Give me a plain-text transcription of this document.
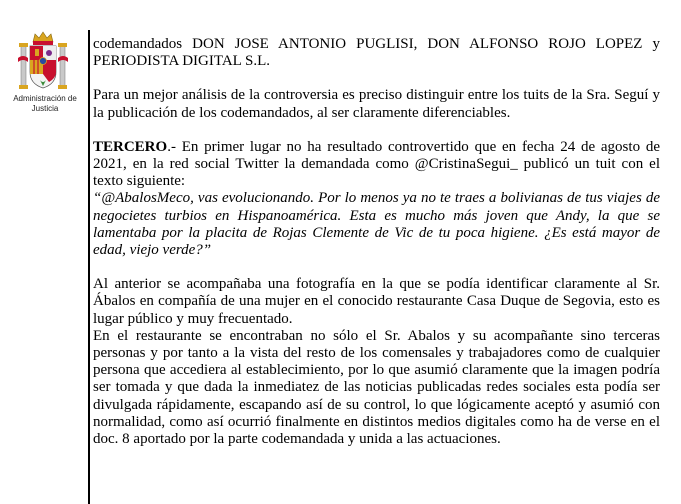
Administración de Justicia

codemandados DON JOSE ANTONIO PUGLISI, DON ALFONSO ROJO LOPEZ y PERIODISTA DIGITAL S.L.

Para un mejor análisis de la controversia es preciso distinguir entre los tuits de la Sra. Seguí y la publicación de los codemandados, al ser claramente diferenciables.

TERCERO.- En primer lugar no ha resultado controvertido que en fecha 24 de agosto de 2021, en la red social Twitter la demandada como @CristinaSegui_ publicó un tuit con el texto siguiente:

“@AbalosMeco, vas evolucionando. Por lo menos ya no te traes a bolivianas de tus viajes de negocietes turbios en Hispanoamérica. Esta es mucho más joven que Andy, la que se lamentaba por la placita de Rojas Clemente de Vic de tu poca higiene. ¿Es está mayor de edad, viejo verde?”

Al anterior se acompañaba una fotografía en la que se podía identificar claramente al Sr. Ábalos en compañía de una mujer en el conocido restaurante Casa Duque de Segovia, esto es lugar público y muy frecuentado.

En el restaurante se encontraban no sólo el Sr. Abalos y su acompañante sino terceras personas y por tanto a la vista del resto de los comensales y trabajadores como de cualquier persona que accediera al establecimiento, por lo que asumió claramente que la imagen podría ser tomada y que dada la inmediatez de las noticias publicadas redes sociales esta podía ser divulgada rápidamente, escapando así de su control, lo que lógicamente aceptó y asumió con normalidad, como así ocurrió finalmente en distintos medios digitales como ha de verse en el doc. 8 aportado por la parte codemandada y unida a las actuaciones.
